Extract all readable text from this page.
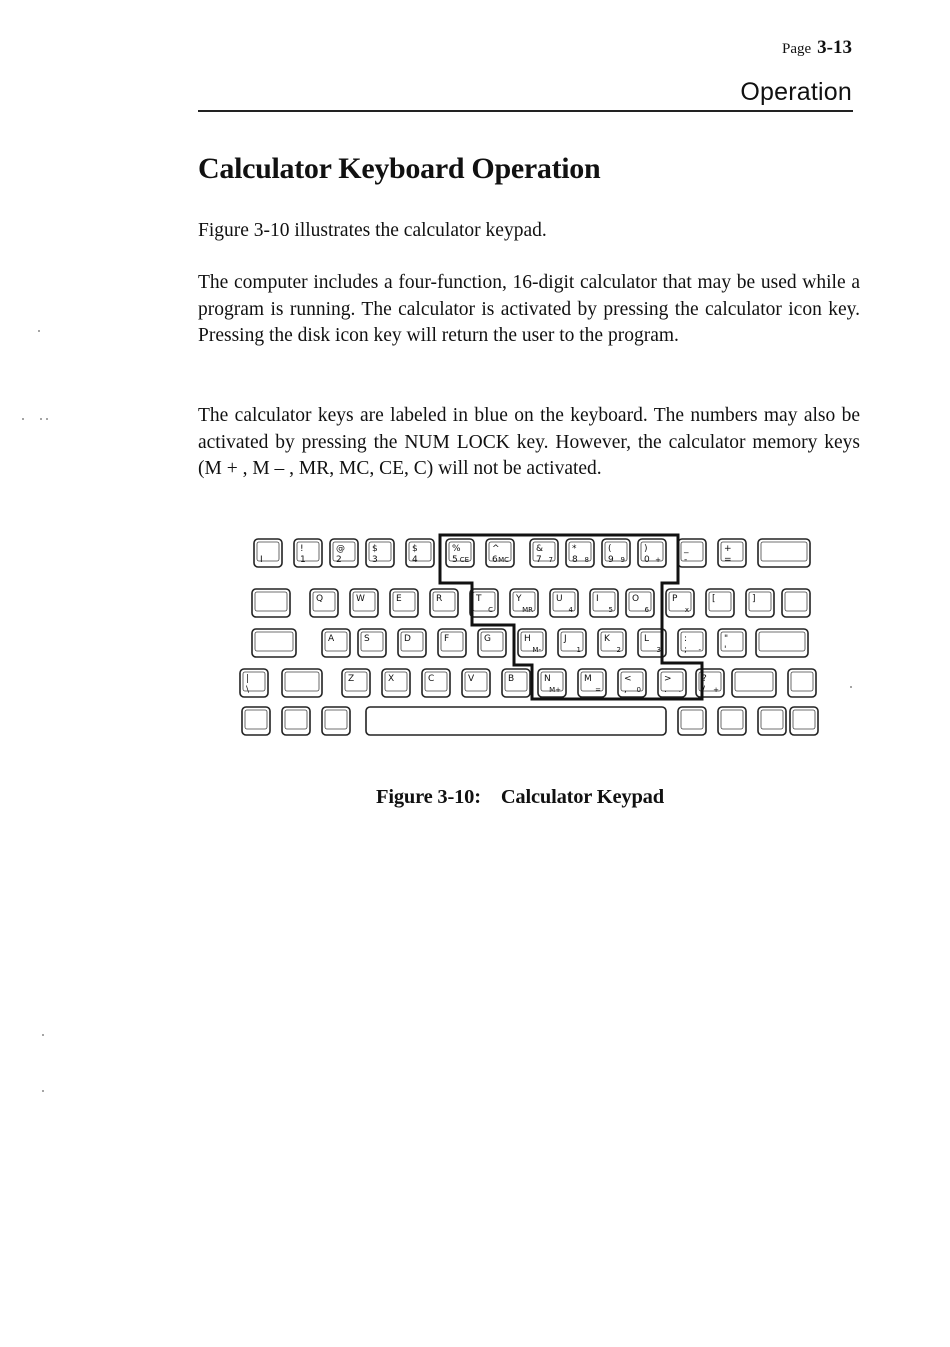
Page 3-13
Operation
Calculator Keyboard Operation

Figure 3-10 illustrates the calculator keypad.

The computer includes a four-function, 16-digit calculator that may be used while a program is running. The calculator is activated by pressing the calculator icon key. Pressing the disk icon key will return the user to the program.

The calculator keys are labeled in blue on the keyboard. The numbers may also be activated by pressing the NUM LOCK key. However, the calculator memory keys (M + , M – , MR, MC, CE, C) will not be activated.

I
!
1
@
2
$
3
$
4
%
5 CE
^
6 MC
&
7 7
*
8 8
(
9 9
)
0 +
_
-
+
=
Q	W	E	R	T
C
Y
MR
U
4
I
5
O
6
P
x
[	]
A	S	D	F	G	H
M-
J
1
K
2
L
3
:
; -
"
'
|
\
Z	X	C	V	B	N
M+
M
=
<
, 0
>
. .
?
/ +

Figure 3-10: Calculator Keypad
